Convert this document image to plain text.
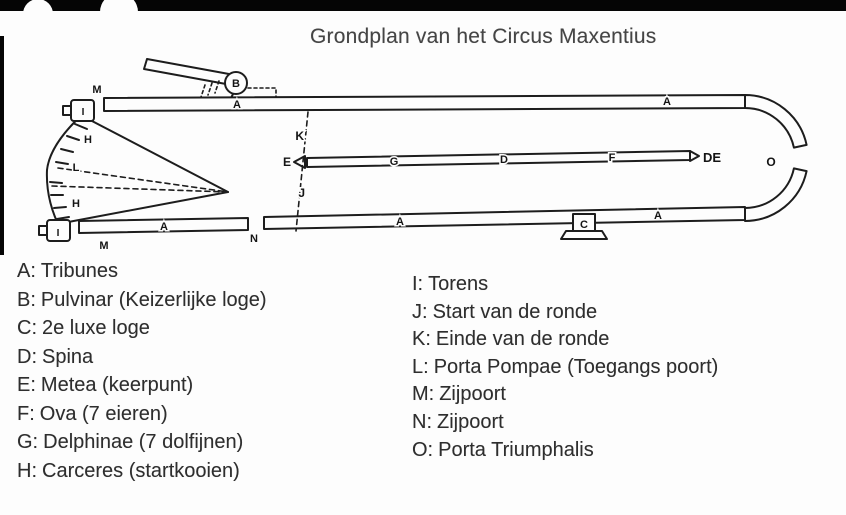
Grondplan van het Circus Maxentius
B
M
M
I
I
H
H
L
A	A
A	A	A
N
E
K
J
G	D	F	DE
C
O
A: Tribunes
B: Pulvinar (Keizerlijke loge)
C: 2e luxe loge
D: Spina
E: Metea (keerpunt)
F: Ova (7 eieren)
G: Delphinae (7 dolfijnen)
H: Carceres (startkooien)
I: Torens
J: Start van de ronde
K: Einde van de ronde
L: Porta Pompae (Toegangs poort)
M: Zijpoort
N: Zijpoort
O: Porta Triumphalis
